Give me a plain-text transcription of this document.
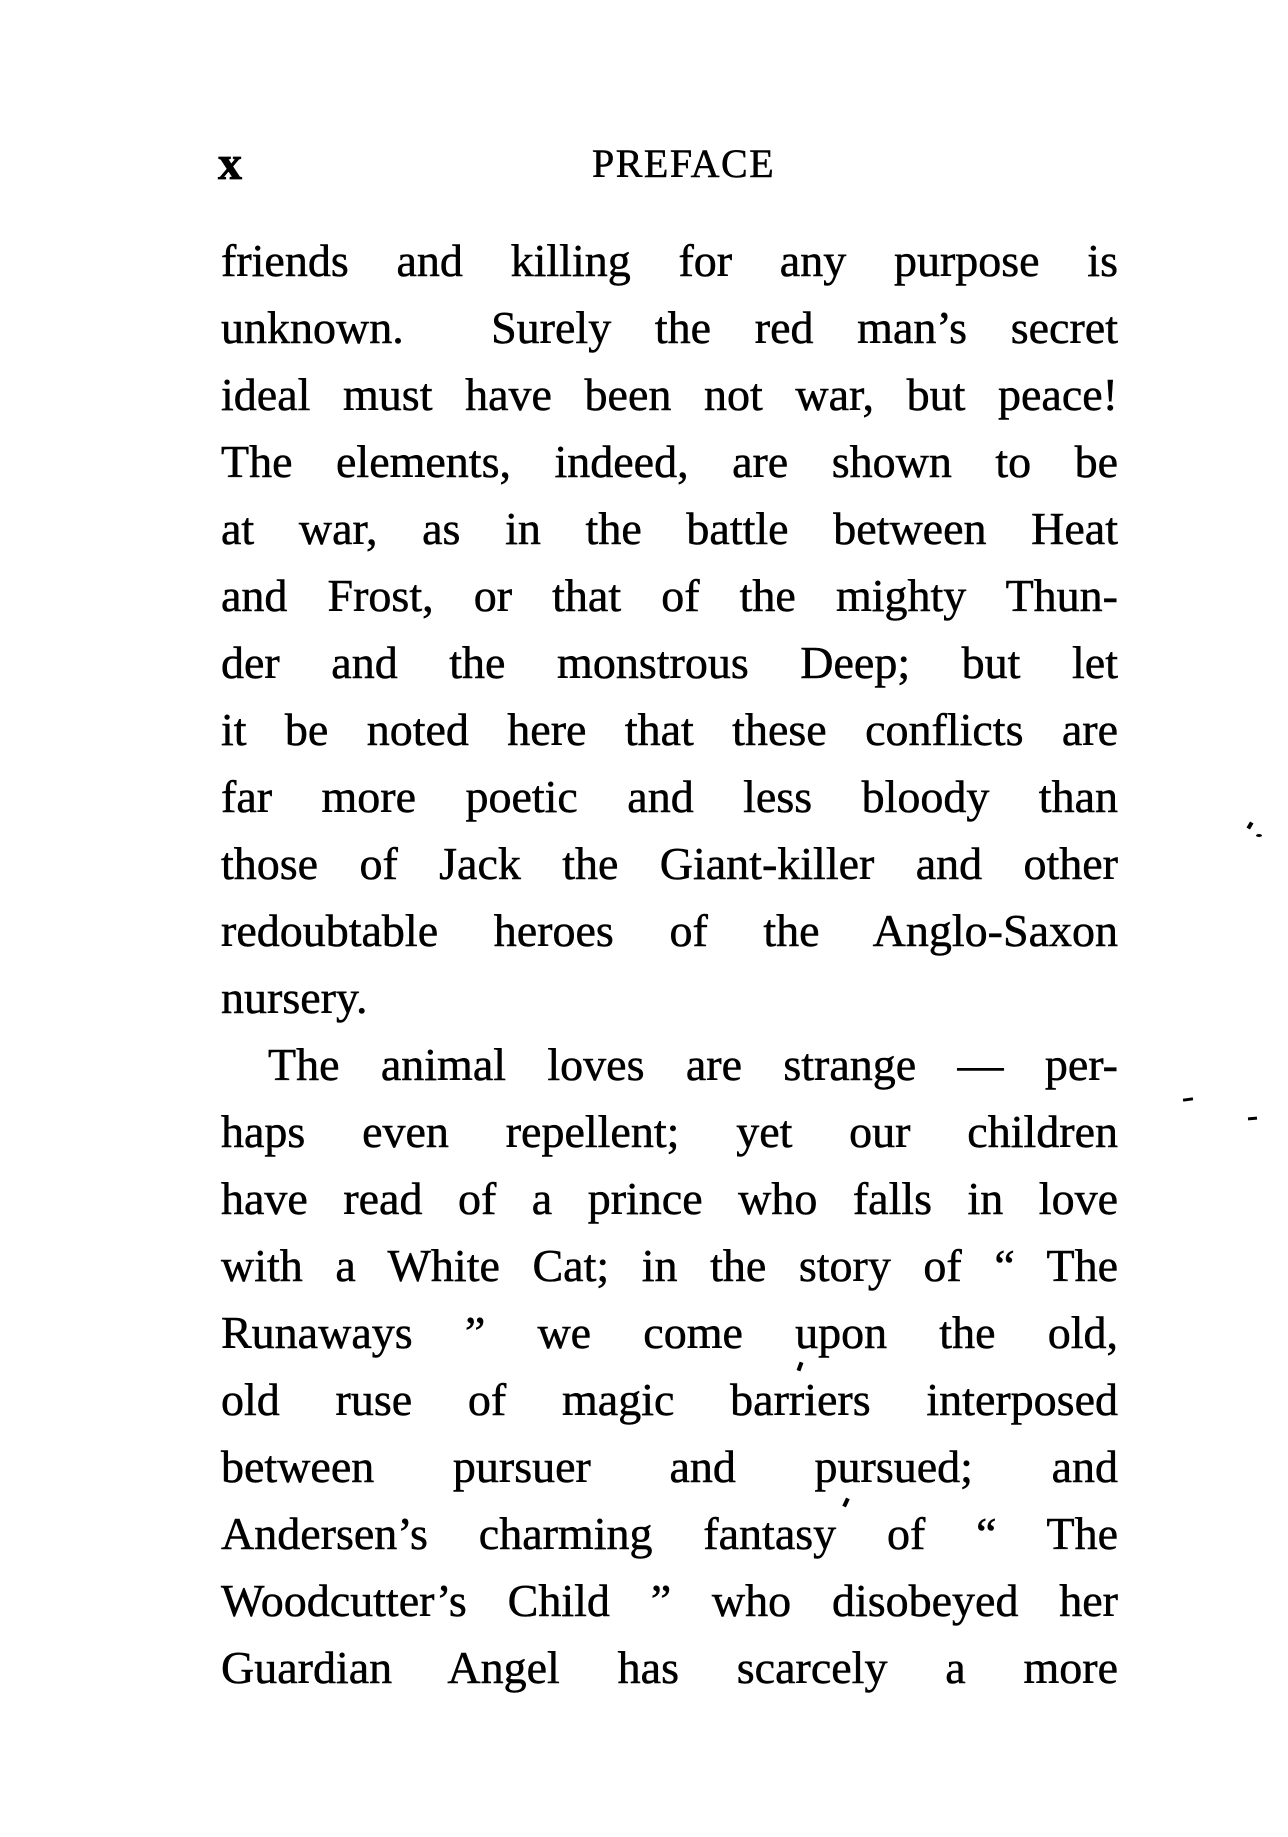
x	PREFACE
friends and killing for any purpose is
unknown.  Surely the red man’s secret
ideal must have been not war, but peace!
The elements, indeed, are shown to be
at war, as in the battle between Heat
and Frost, or that of the mighty Thun-
der and the monstrous Deep; but let
it be noted here that these conflicts are
far more poetic and less bloody than
those of Jack the Giant-killer and other
redoubtable heroes of the Anglo-Saxon
nursery.
The animal loves are strange — per-
haps even repellent; yet our children
have read of a prince who falls in love
with a White Cat; in the story of “ The
Runaways ” we come upon the old,
old ruse of magic barriers interposed
between pursuer and pursued; and
Andersen’s charming fantasy of “ The
Woodcutter’s Child ” who disobeyed her
Guardian Angel has scarcely a more
